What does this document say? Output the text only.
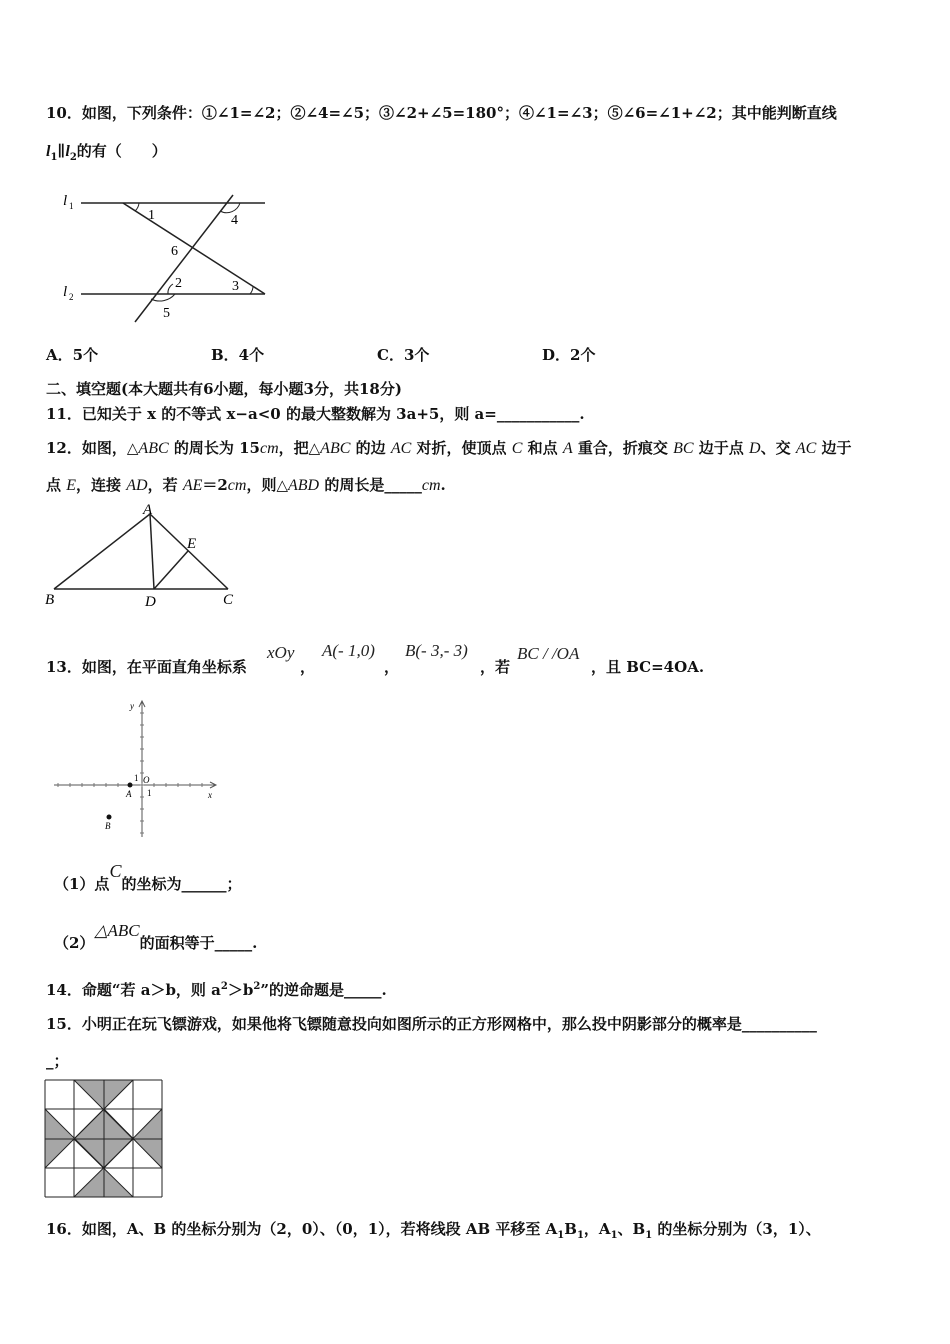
10．如图，下列条件：①∠1=∠2；②∠4=∠5；③∠2+∠5=180°；④∠1=∠3；⑤∠6=∠1+∠2；其中能判断直线
$l_1\parallel l_2$的有（　　）
l 1
l 2
1	4
6
2	3
5
A．5个	B．4个	C．3个	D．2个
二、填空题(本大题共有6小题，每小题3分，共18分)
11．已知关于 x 的不等式 x−a<0 的最大整数解为 3a+5，则 a=___________.
12．如图，△ABC 的周长为 15cm，把△ABC 的边 AC 对折，使顶点 C 和点 A 重合，折痕交 BC 边于点 D、交 AC 边于
点 E，连接 AD，若 AE＝2cm，则△ABD 的周长是_____cm.
A
B	C
D
E
13．如图，在平面直角坐标系
xOy
，
A(- 1,0)
，
B(- 3,- 3)
，若
BC / /OA
，且 BC=4OA.
y
x
O
1
1
A
B
（1）点C的坐标为______；
（2）△ABC的面积等于_____.
14．命题“若 a＞b，则 $a^2>b^2$”的逆命题是_____.
15．小明正在玩飞镖游戏，如果他将飞镖随意投向如图所示的正方形网格中，那么投中阴影部分的概率是__________
_；
16．如图，A、B 的坐标分别为（2，0）、（0，1），若将线段 AB 平移至 $A_1B_1$，$A_1$、$B_1$ 的坐标分别为（3，1）、
